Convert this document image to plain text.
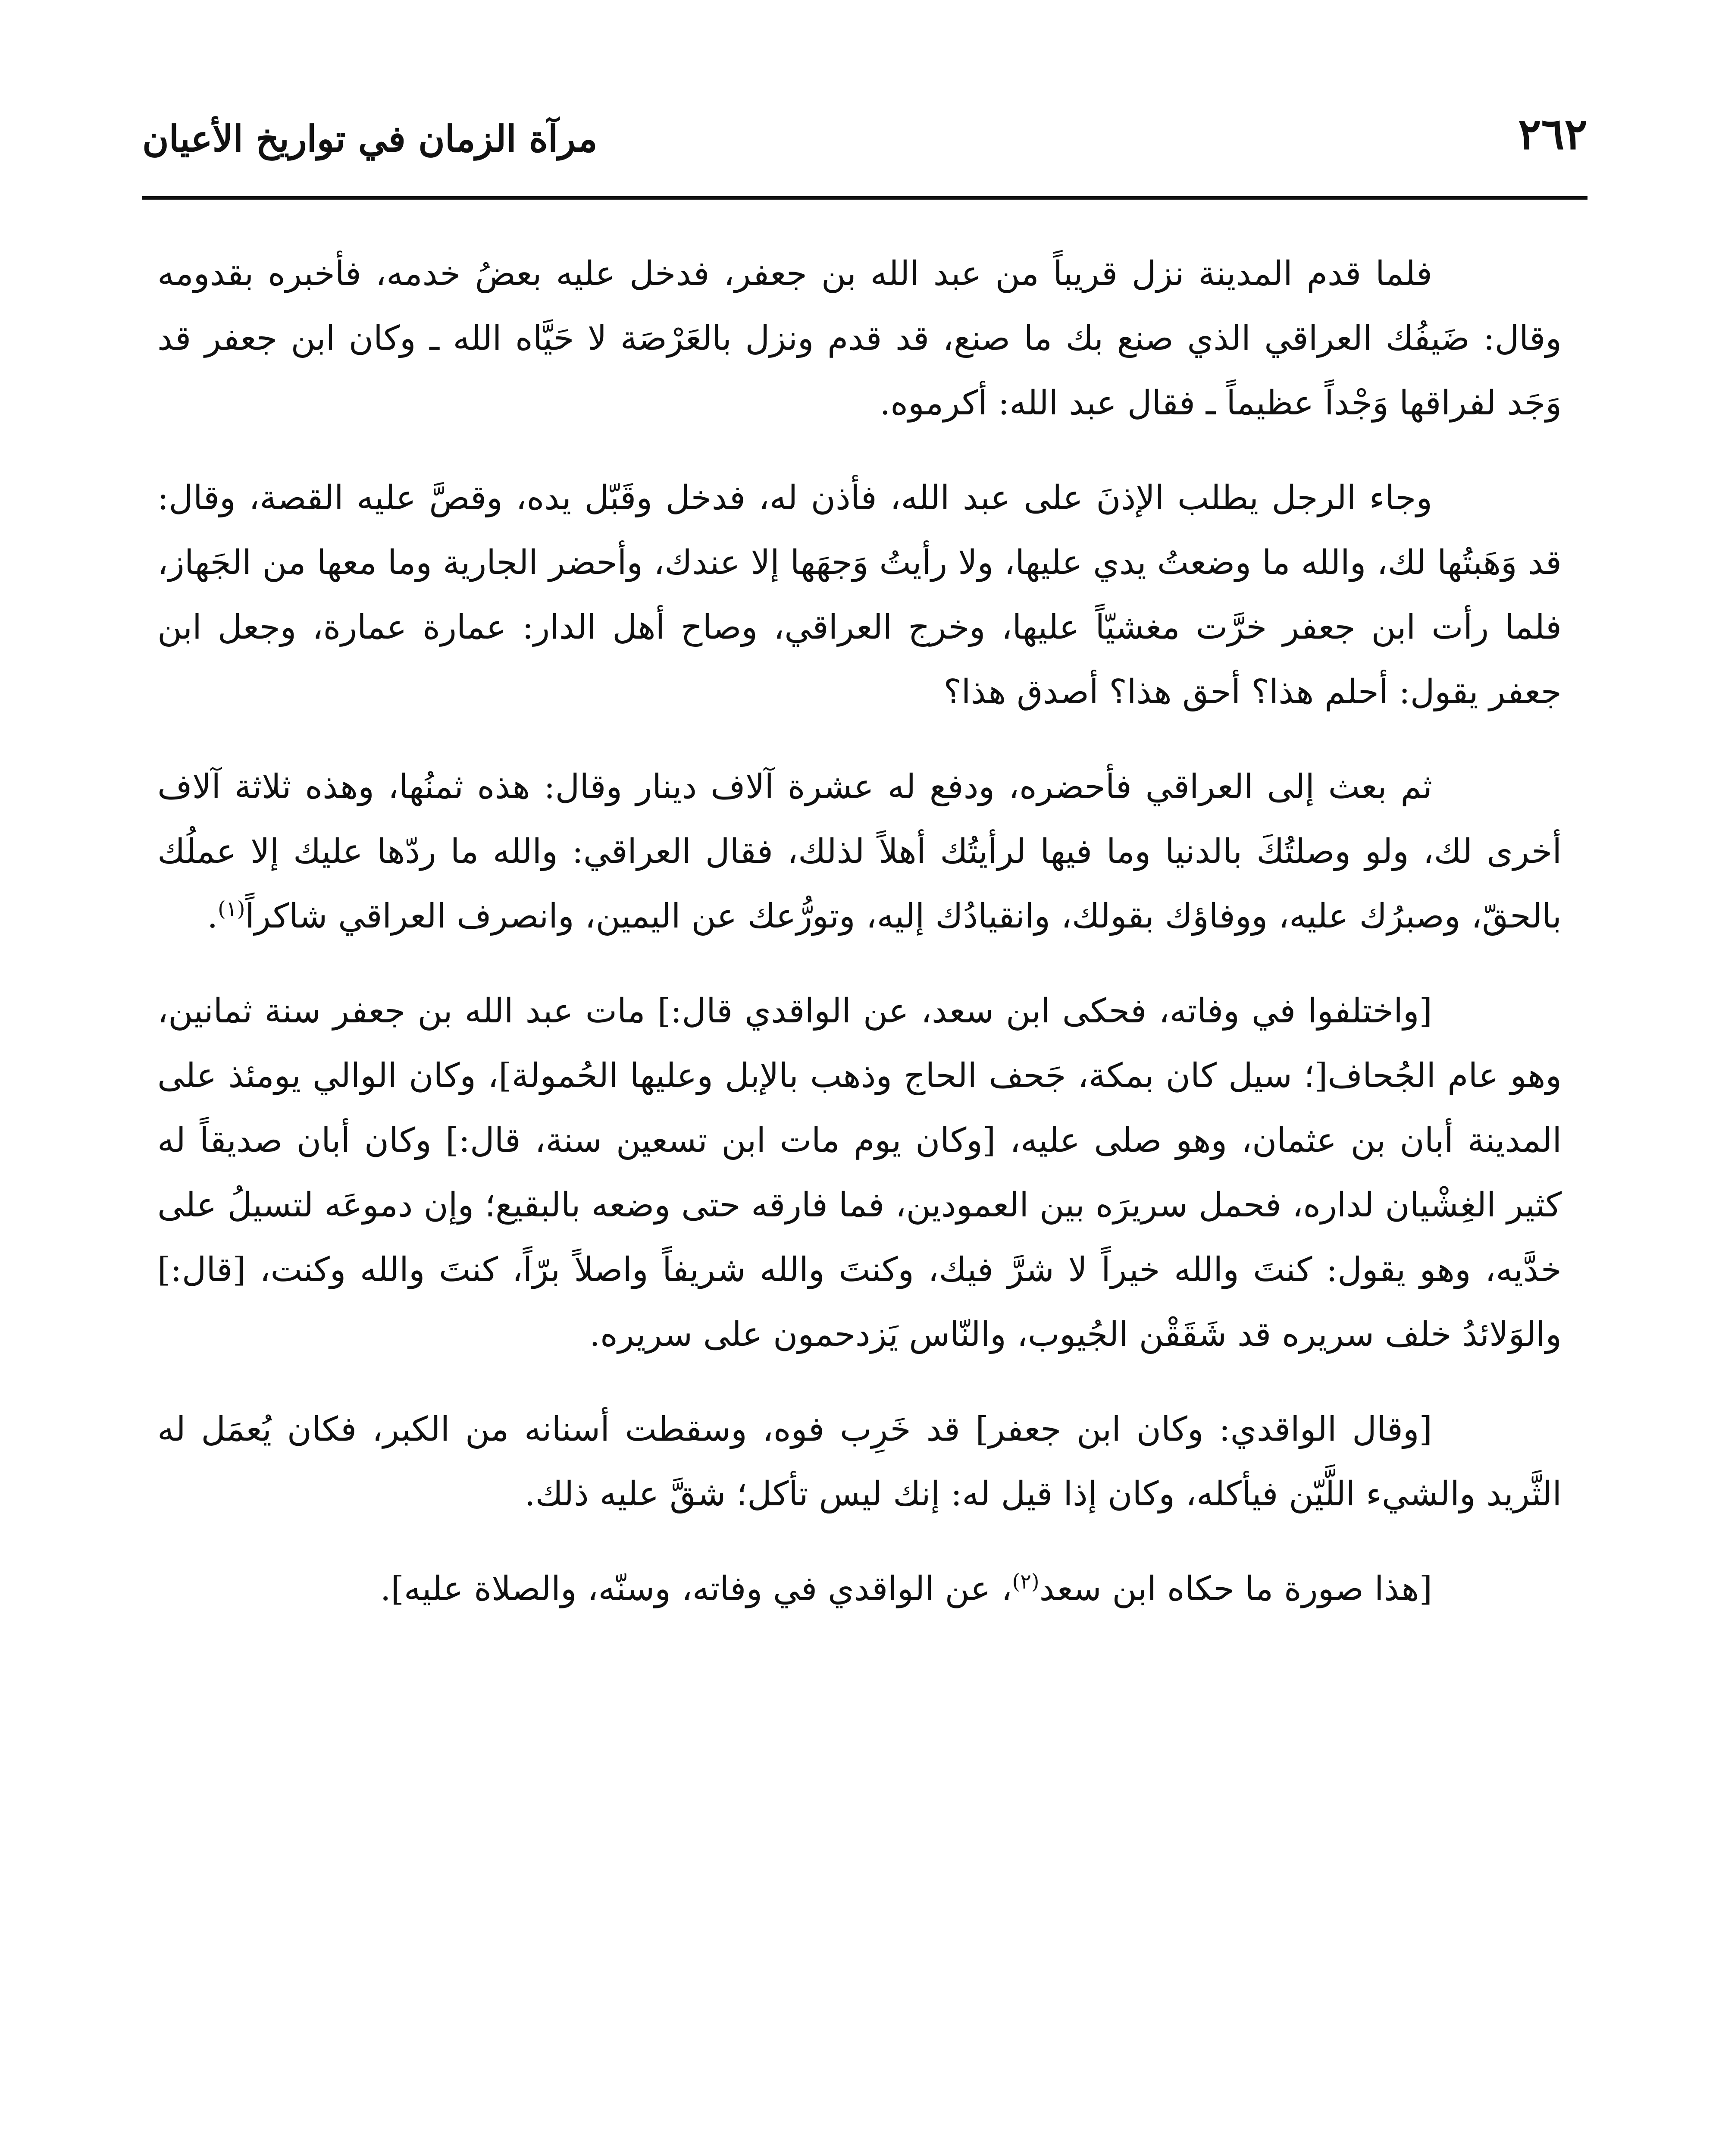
٢٦٢
مرآة الزمان في تواريخ الأعيان

فلما قدم المدينة نزل قريباً من عبد الله بن جعفر، فدخل عليه بعضُ خدمه، فأخبره بقدومه وقال: ضَيفُك العراقي الذي صنع بك ما صنع، قد قدم ونزل بالعَرْصَة لا حَيَّاه الله ـ وكان ابن جعفر قد وَجَد لفراقها وَجْداً عظيماً ـ فقال عبد الله: أكرموه.

وجاء الرجل يطلب الإذنَ على عبد الله، فأذن له، فدخل وقَبّل يده، وقصَّ عليه القصة، وقال: قد وَهَبتُها لك، والله ما وضعتُ يدي عليها، ولا رأيتُ وَجهَها إلا عندك، وأحضر الجارية وما معها من الجَهاز، فلما رأت ابن جعفر خرَّت مغشيّاً عليها، وخرج العراقي، وصاح أهل الدار: عمارة عمارة، وجعل ابن جعفر يقول: أحلم هذا؟ أحق هذا؟ أصدق هذا؟

ثم بعث إلى العراقي فأحضره، ودفع له عشرة آلاف دينار وقال: هذه ثمنُها، وهذه ثلاثة آلاف أخرى لك، ولو وصلتُكَ بالدنيا وما فيها لرأيتُك أهلاً لذلك، فقال العراقي: والله ما ردّها عليك إلا عملُك بالحقّ، وصبرُك عليه، ووفاؤك بقولك، وانقيادُك إليه، وتورُّعك عن اليمين، وانصرف العراقي شاكراً$^{(١)}$.

[واختلفوا في وفاته، فحكى ابن سعد، عن الواقدي قال:] مات عبد الله بن جعفر سنة ثمانين، وهو عام الجُحاف[؛ سيل كان بمكة، جَحف الحاج وذهب بالإبل وعليها الحُمولة]، وكان الوالي يومئذ على المدينة أبان بن عثمان، وهو صلى عليه، [وكان يوم مات ابن تسعين سنة، قال:] وكان أبان صديقاً له كثير الغِشْيان لداره، فحمل سريرَه بين العمودين، فما فارقه حتى وضعه بالبقيع؛ وإن دموعَه لتسيلُ على خدَّيه، وهو يقول: كنتَ والله خيراً لا شرَّ فيك، وكنتَ والله شريفاً واصلاً برّاً، كنتَ والله وكنت، [قال:] والوَلائدُ خلف سريره قد شَقَقْن الجُيوب، والنّاس يَزدحمون على سريره.

[وقال الواقدي: وكان ابن جعفر] قد خَرِب فوه، وسقطت أسنانه من الكبر، فكان يُعمَل له الثَّريد والشيء اللَّيّن فيأكله، وكان إذا قيل له: إنك ليس تأكل؛ شقَّ عليه ذلك.

[هذا صورة ما حكاه ابن سعد$^{(٢)}$، عن الواقدي في وفاته، وسنّه، والصلاة عليه].
